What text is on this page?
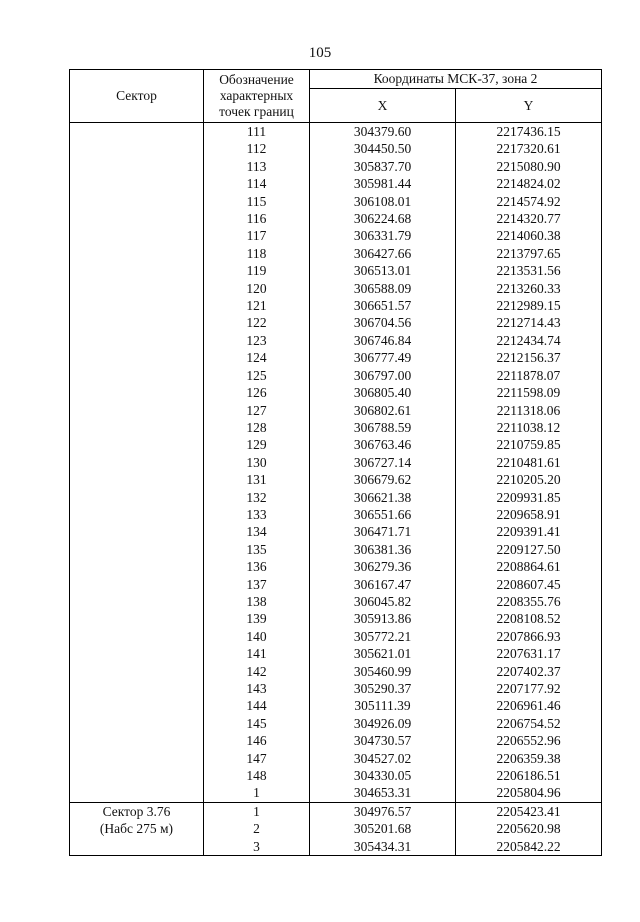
105
Сектор	Обозначение
характерных
точек границ	Координаты МСК-37, зона 2	
		X	Y
	111	304379.60	2217436.15
	112	304450.50	2217320.61
	113	305837.70	2215080.90
	114	305981.44	2214824.02
	115	306108.01	2214574.92
	116	306224.68	2214320.77
	117	306331.79	2214060.38
	118	306427.66	2213797.65
	119	306513.01	2213531.56
	120	306588.09	2213260.33
	121	306651.57	2212989.15
	122	306704.56	2212714.43
	123	306746.84	2212434.74
	124	306777.49	2212156.37
	125	306797.00	2211878.07
	126	306805.40	2211598.09
	127	306802.61	2211318.06
	128	306788.59	2211038.12
	129	306763.46	2210759.85
	130	306727.14	2210481.61
	131	306679.62	2210205.20
	132	306621.38	2209931.85
	133	306551.66	2209658.91
	134	306471.71	2209391.41
	135	306381.36	2209127.50
	136	306279.36	2208864.61
	137	306167.47	2208607.45
	138	306045.82	2208355.76
	139	305913.86	2208108.52
	140	305772.21	2207866.93
	141	305621.01	2207631.17
	142	305460.99	2207402.37
	143	305290.37	2207177.92
	144	305111.39	2206961.46
	145	304926.09	2206754.52
	146	304730.57	2206552.96
	147	304527.02	2206359.38
	148	304330.05	2206186.51
	1	304653.31	2205804.96

Сектор 3.76
(Набс 275 м)	1	304976.57	2205423.41
	2	305201.68	2205620.98
	3	305434.31	2205842.22
